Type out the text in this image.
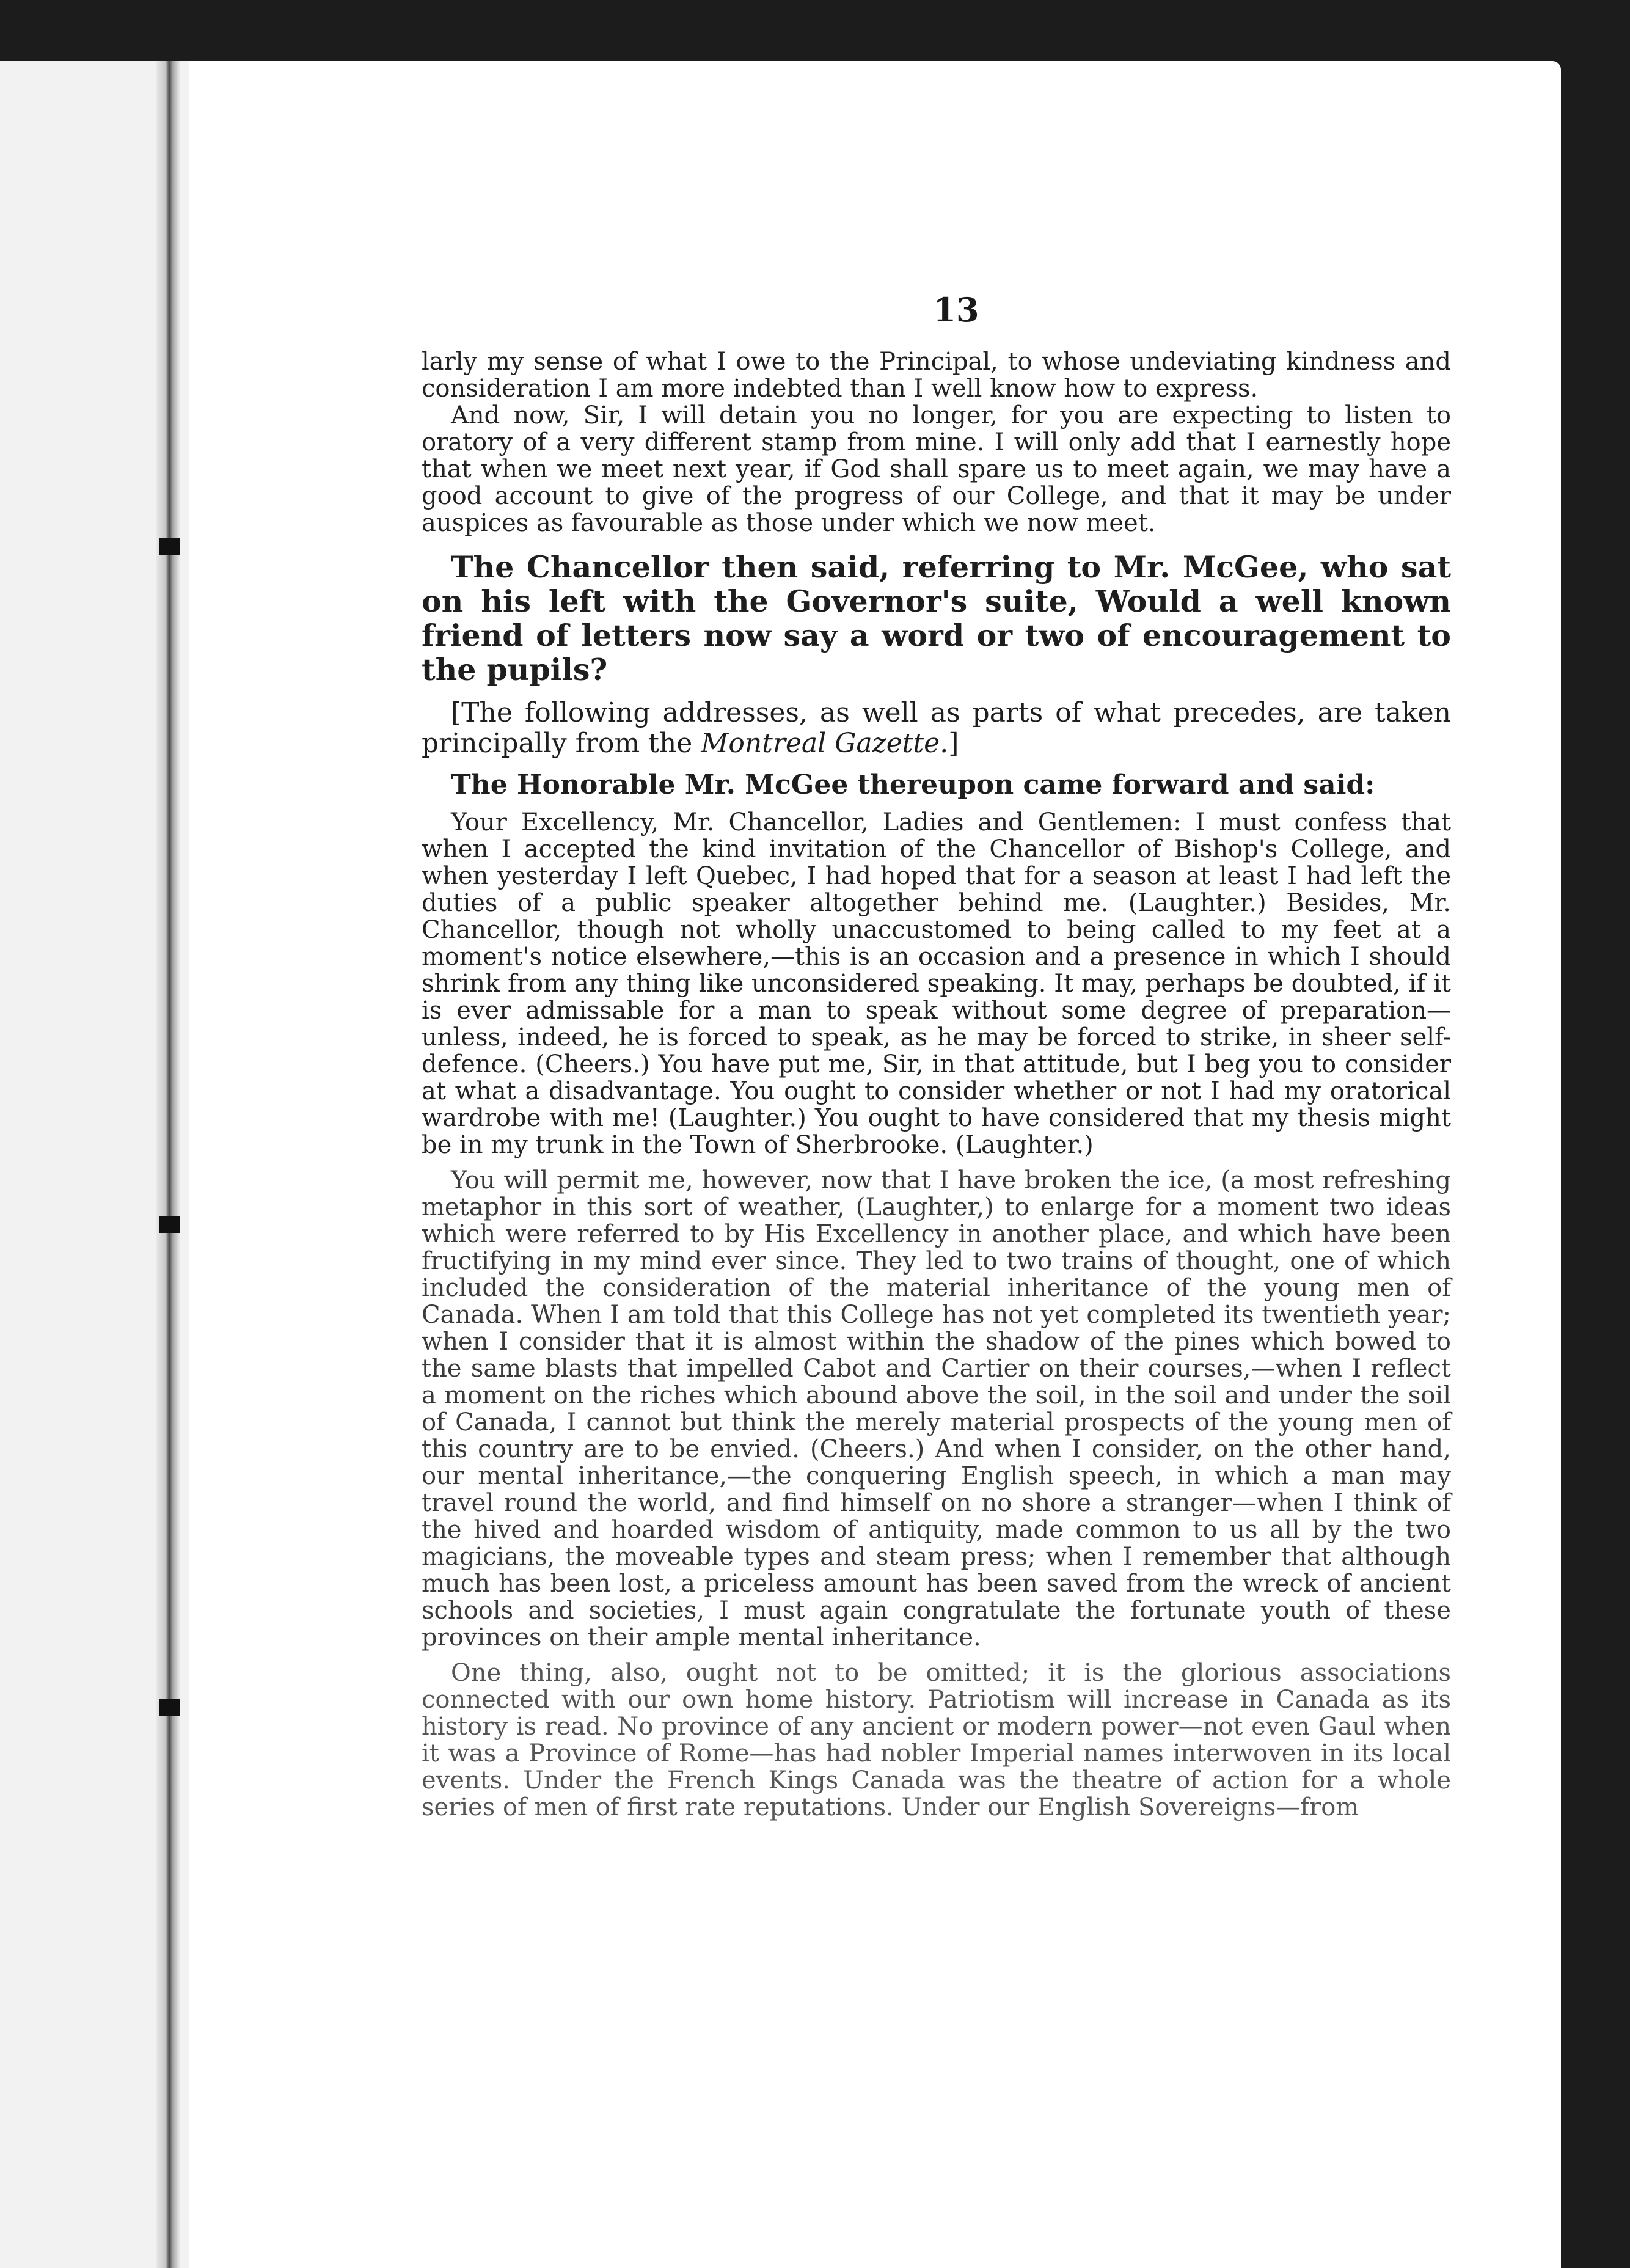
13

larly my sense of what I owe to the Principal, to whose undeviating kindness and consideration I am more indebted than I well know how to express.

And now, Sir, I will detain you no longer, for you are expecting to listen to oratory of a very different stamp from mine. I will only add that I earnestly hope that when we meet next year, if God shall spare us to meet again, we may have a good account to give of the progress of our College, and that it may be under auspices as favourable as those under which we now meet.

The Chancellor then said, referring to Mr. McGee, who sat on his left with the Governor's suite, Would a well known friend of letters now say a word or two of encouragement to the pupils?

[The following addresses, as well as parts of what precedes, are taken principally from the Montreal Gazette.]

The Honorable Mr. McGee thereupon came forward and said:

Your Excellency, Mr. Chancellor, Ladies and Gentlemen: I must confess that when I accepted the kind invitation of the Chancellor of Bishop's College, and when yesterday I left Quebec, I had hoped that for a season at least I had left the duties of a public speaker altogether behind me. (Laughter.) Besides, Mr. Chancellor, though not wholly unaccustomed to being called to my feet at a moment's notice elsewhere,—this is an occasion and a presence in which I should shrink from any thing like unconsidered speaking. It may, perhaps be doubted, if it is ever admissable for a man to speak without some degree of preparation—unless, indeed, he is forced to speak, as he may be forced to strike, in sheer self-defence. (Cheers.) You have put me, Sir, in that attitude, but I beg you to consider at what a disadvantage. You ought to consider whether or not I had my oratorical wardrobe with me! (Laughter.) You ought to have considered that my thesis might be in my trunk in the Town of Sherbrooke. (Laughter.)

You will permit me, however, now that I have broken the ice, (a most refreshing metaphor in this sort of weather, (Laughter,) to enlarge for a moment two ideas which were referred to by His Excellency in another place, and which have been fructifying in my mind ever since. They led to two trains of thought, one of which included the consideration of the material inheritance of the young men of Canada. When I am told that this College has not yet completed its twentieth year; when I consider that it is almost within the shadow of the pines which bowed to the same blasts that impelled Cabot and Cartier on their courses,—when I reflect a moment on the riches which abound above the soil, in the soil and under the soil of Canada, I cannot but think the merely material prospects of the young men of this country are to be envied. (Cheers.) And when I consider, on the other hand, our mental inheritance,—the conquering English speech, in which a man may travel round the world, and find himself on no shore a stranger—when I think of the hived and hoarded wisdom of antiquity, made common to us all by the two magicians, the moveable types and steam press; when I remember that although much has been lost, a priceless amount has been saved from the wreck of ancient schools and societies, I must again congratulate the fortunate youth of these provinces on their ample mental inheritance.

One thing, also, ought not to be omitted; it is the glorious associations connected with our own home history. Patriotism will increase in Canada as its history is read. No province of any ancient or modern power—not even Gaul when it was a Province of Rome—has had nobler Imperial names interwoven in its local events. Under the French Kings Canada was the theatre of action for a whole series of men of first rate reputations. Under our English Sovereigns—from
